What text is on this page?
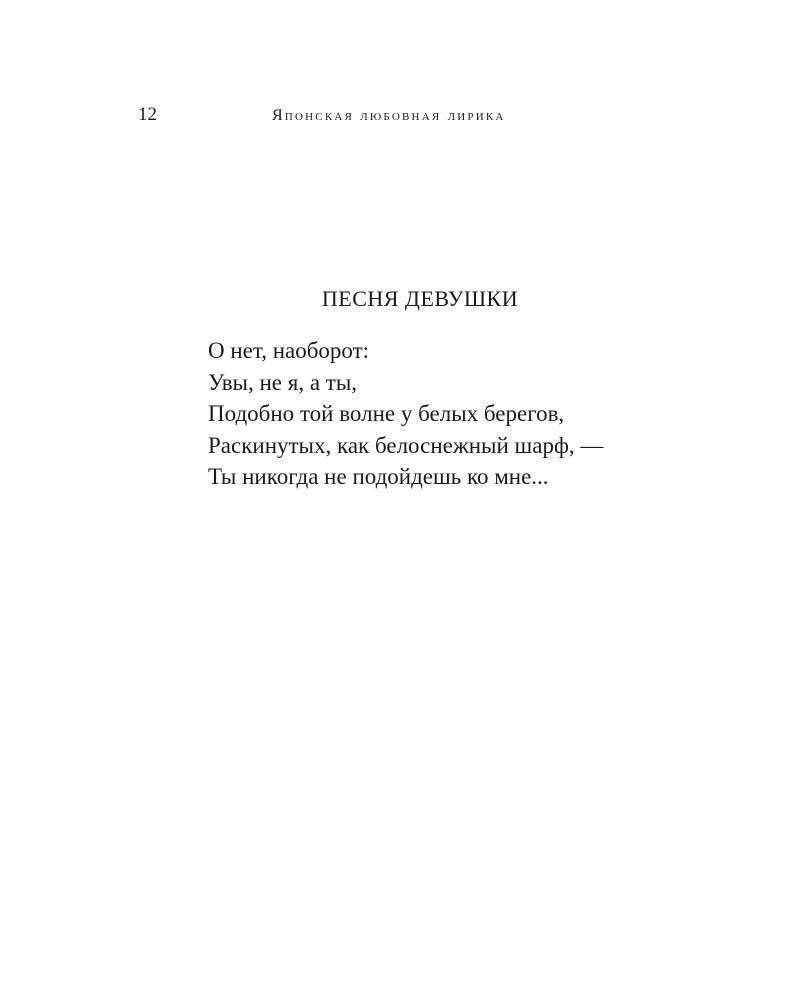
12	Японская любовная лирика
ПЕСНЯ ДЕВУШКИ
О нет, наоборот:
Увы, не я, а ты,
Подобно той волне у белых берегов,
Раскинутых, как белоснежный шарф, —
Ты никогда не подойдешь ко мне...
